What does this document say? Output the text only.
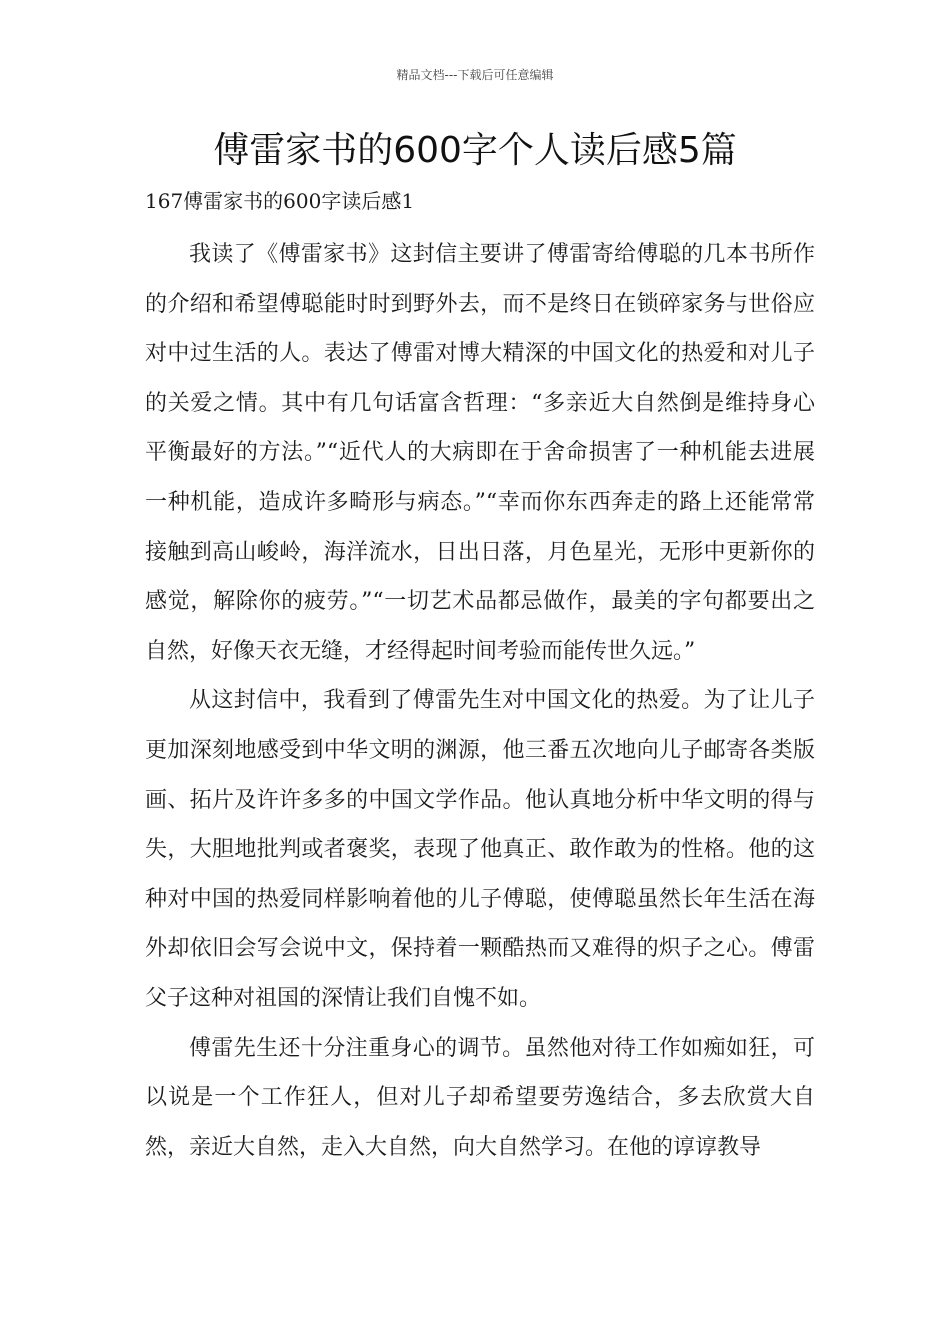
精品文档---下载后可任意编辑
傅雷家书的600字个人读后感5篇
167傅雷家书的600字读后感1

我读了《傅雷家书》这封信主要讲了傅雷寄给傅聪的几本书所作的介绍和希望傅聪能时时到野外去，而不是终日在锁碎家务与世俗应对中过生活的人。表达了傅雷对博大精深的中国文化的热爱和对儿子的关爱之情。其中有几句话富含哲理：“多亲近大自然倒是维持身心平衡最好的方法。”“近代人的大病即在于舍命损害了一种机能去进展一种机能，造成许多畸形与病态。”“幸而你东西奔走的路上还能常常接触到高山峻岭，海洋流水，日出日落，月色星光，无形中更新你的感觉，解除你的疲劳。”“一切艺术品都忌做作，最美的字句都要出之自然，好像天衣无缝，才经得起时间考验而能传世久远。”

从这封信中，我看到了傅雷先生对中国文化的热爱。为了让儿子更加深刻地感受到中华文明的渊源，他三番五次地向儿子邮寄各类版画、拓片及许许多多的中国文学作品。他认真地分析中华文明的得与失，大胆地批判或者褒奖，表现了他真正、敢作敢为的性格。他的这种对中国的热爱同样影响着他的儿子傅聪，使傅聪虽然长年生活在海外却依旧会写会说中文，保持着一颗酷热而又难得的炽子之心。傅雷父子这种对祖国的深情让我们自愧不如。

傅雷先生还十分注重身心的调节。虽然他对待工作如痴如狂，可以说是一个工作狂人，但对儿子却希望要劳逸结合，多去欣赏大自然，亲近大自然，走入大自然，向大自然学习。在他的谆谆教导
